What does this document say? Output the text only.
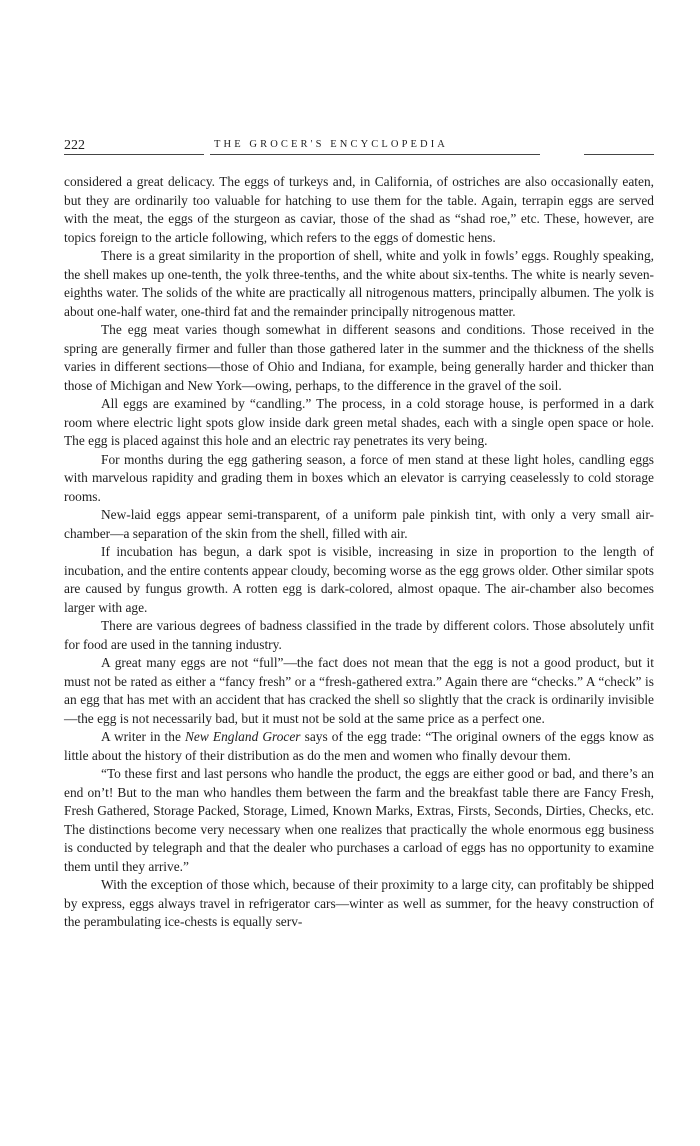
222	THE GROCER'S ENCYCLOPEDIA

considered a great delicacy. The eggs of turkeys and, in California, of ostriches are also occasionally eaten, but they are ordinarily too valuable for hatching to use them for the table. Again, terrapin eggs are served with the meat, the eggs of the sturgeon as caviar, those of the shad as “shad roe,” etc. These, however, are topics foreign to the article following, which refers to the eggs of domestic hens.

There is a great similarity in the proportion of shell, white and yolk in fowls’ eggs. Roughly speaking, the shell makes up one-tenth, the yolk three-tenths, and the white about six-tenths. The white is nearly seven-eighths water. The solids of the white are practically all nitrogenous matters, principally albumen. The yolk is about one-half water, one-third fat and the remainder principally nitrogenous matter.

The egg meat varies though somewhat in different seasons and conditions. Those received in the spring are generally firmer and fuller than those gathered later in the summer and the thickness of the shells varies in different sections—those of Ohio and Indiana, for example, being generally harder and thicker than those of Michigan and New York—owing, perhaps, to the difference in the gravel of the soil.

All eggs are examined by “candling.” The process, in a cold storage house, is performed in a dark room where electric light spots glow inside dark green metal shades, each with a single open space or hole. The egg is placed against this hole and an electric ray penetrates its very being.

For months during the egg gathering season, a force of men stand at these light holes, candling eggs with marvelous rapidity and grading them in boxes which an elevator is carrying ceaselessly to cold storage rooms.

New-laid eggs appear semi-transparent, of a uniform pale pinkish tint, with only a very small air-chamber—a separation of the skin from the shell, filled with air.

If incubation has begun, a dark spot is visible, increasing in size in proportion to the length of incubation, and the entire contents appear cloudy, becoming worse as the egg grows older. Other similar spots are caused by fungus growth. A rotten egg is dark-colored, almost opaque. The air-chamber also becomes larger with age.

There are various degrees of badness classified in the trade by different colors. Those absolutely unfit for food are used in the tanning industry.

A great many eggs are not “full”—the fact does not mean that the egg is not a good product, but it must not be rated as either a “fancy fresh” or a “fresh-gathered extra.” Again there are “checks.” A “check” is an egg that has met with an accident that has cracked the shell so slightly that the crack is ordinarily invisible—the egg is not necessarily bad, but it must not be sold at the same price as a perfect one.

A writer in the New England Grocer says of the egg trade: “The original owners of the eggs know as little about the history of their distribution as do the men and women who finally devour them.

“To these first and last persons who handle the product, the eggs are either good or bad, and there’s an end on’t! But to the man who handles them between the farm and the breakfast table there are Fancy Fresh, Fresh Gathered, Storage Packed, Storage, Limed, Known Marks, Extras, Firsts, Seconds, Dirties, Checks, etc. The distinctions become very necessary when one realizes that practically the whole enormous egg business is conducted by telegraph and that the dealer who purchases a carload of eggs has no opportunity to examine them until they arrive.”

With the exception of those which, because of their proximity to a large city, can profitably be shipped by express, eggs always travel in refrigerator cars—winter as well as summer, for the heavy construction of the perambulating ice-chests is equally serv-
